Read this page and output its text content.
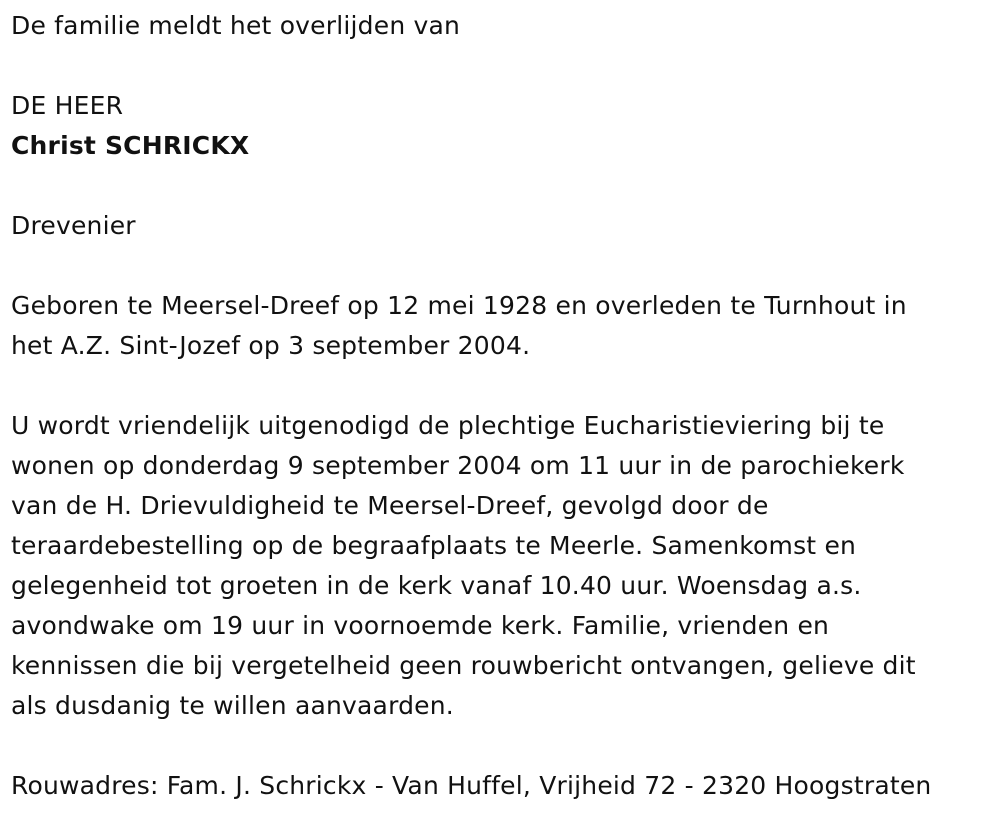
De familie meldt het overlijden van
DE HEER
Christ SCHRICKX
Drevenier
Geboren te Meersel-Dreef op 12 mei 1928 en overleden te Turnhout in
het A.Z. Sint-Jozef op 3 september 2004.
U wordt vriendelijk uitgenodigd de plechtige Eucharistieviering bij te
wonen op donderdag 9 september 2004 om 11 uur in de parochiekerk
van de H. Drievuldigheid te Meersel-Dreef, gevolgd door de
teraardebestelling op de begraafplaats te Meerle. Samenkomst en
gelegenheid tot groeten in de kerk vanaf 10.40 uur. Woensdag a.s.
avondwake om 19 uur in voornoemde kerk. Familie, vrienden en
kennissen die bij vergetelheid geen rouwbericht ontvangen, gelieve dit
als dusdanig te willen aanvaarden.
Rouwadres: Fam. J. Schrickx - Van Huffel, Vrijheid 72 - 2320 Hoogstraten
